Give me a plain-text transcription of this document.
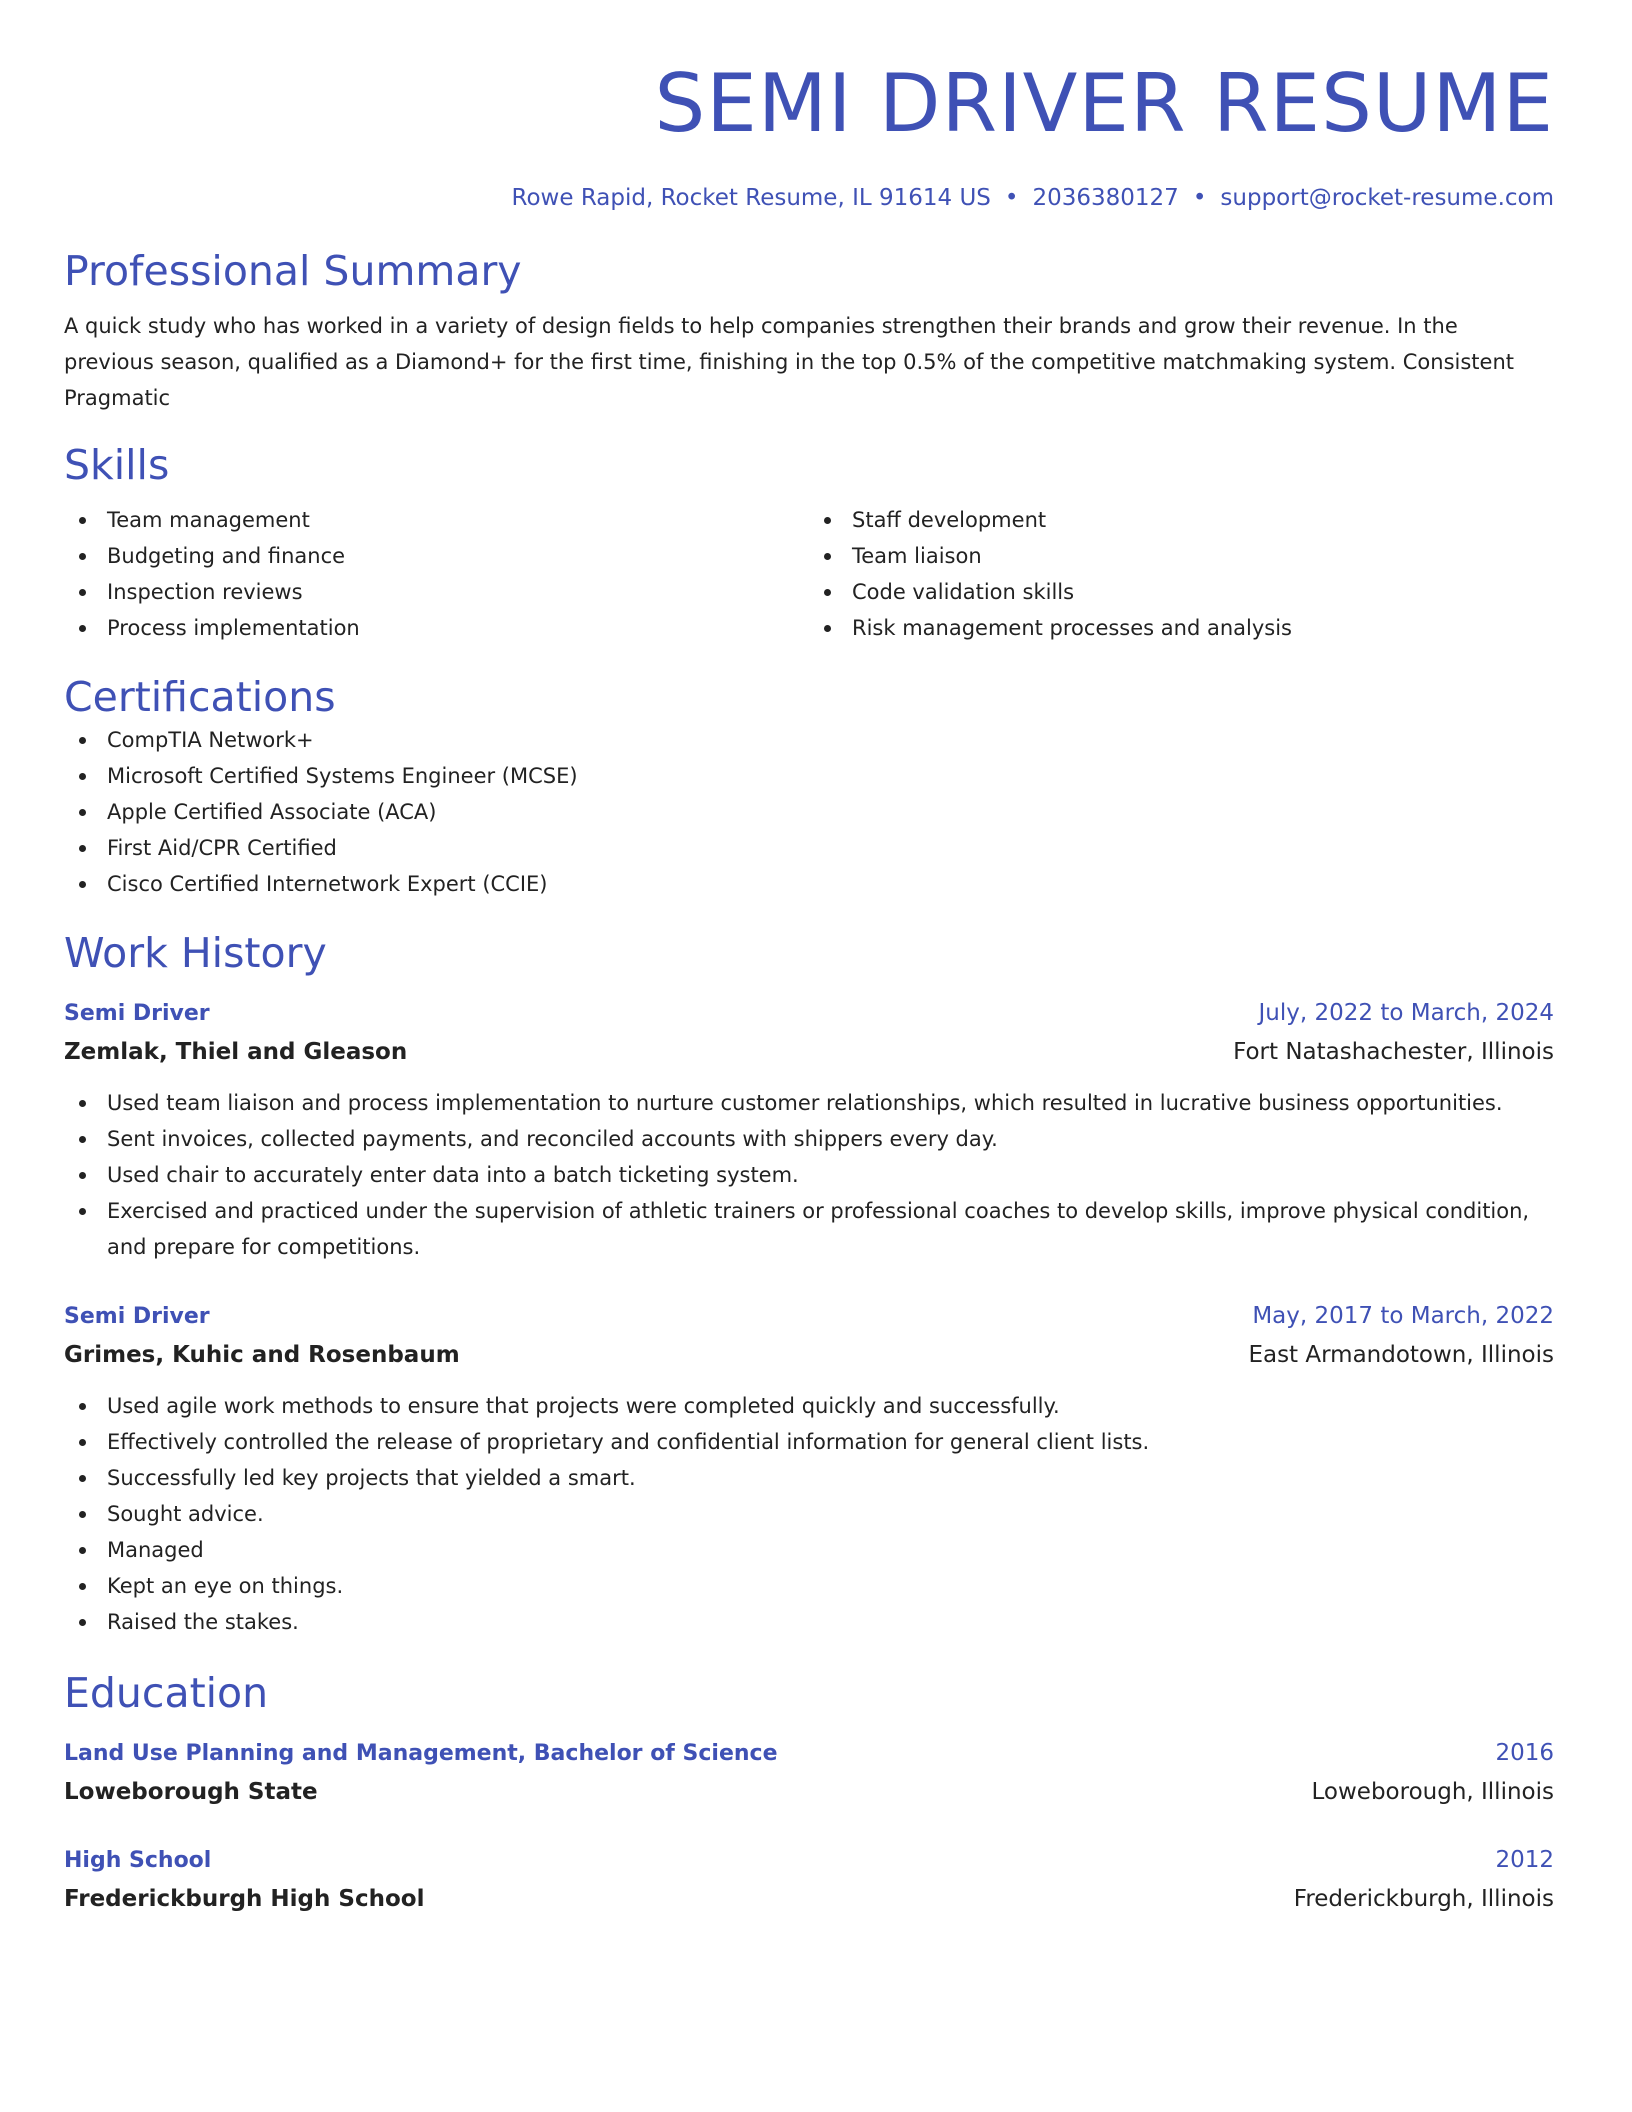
SEMI DRIVER RESUME
Rowe Rapid, Rocket Resume, IL 91614 US • 2036380127 • support@rocket-resume.com
Professional Summary
A quick study who has worked in a variety of design fields to help companies strengthen their brands and grow their revenue. In the previous season, qualified as a Diamond+ for the first time, finishing in the top 0.5% of the competitive matchmaking system. Consistent Pragmatic
Skills
Team management
Budgeting and finance
Inspection reviews
Process implementation
Staff development
Team liaison
Code validation skills
Risk management processes and analysis
Certifications
CompTIA Network+
Microsoft Certified Systems Engineer (MCSE)
Apple Certified Associate (ACA)
First Aid/CPR Certified
Cisco Certified Internetwork Expert (CCIE)
Work History
Semi Driver	July, 2022 to March, 2024
Zemlak, Thiel and Gleason	Fort Natashachester, Illinois
Used team liaison and process implementation to nurture customer relationships, which resulted in lucrative business opportunities.
Sent invoices, collected payments, and reconciled accounts with shippers every day.
Used chair to accurately enter data into a batch ticketing system.
Exercised and practiced under the supervision of athletic trainers or professional coaches to develop skills, improve physical condition, and prepare for competitions.
Semi Driver	May, 2017 to March, 2022
Grimes, Kuhic and Rosenbaum	East Armandotown, Illinois
Used agile work methods to ensure that projects were completed quickly and successfully.
Effectively controlled the release of proprietary and confidential information for general client lists.
Successfully led key projects that yielded a smart.
Sought advice.
Managed
Kept an eye on things.
Raised the stakes.
Education
Land Use Planning and Management, Bachelor of Science	2016
Loweborough State	Loweborough, Illinois
High School	2012
Frederickburgh High School	Frederickburgh, Illinois
